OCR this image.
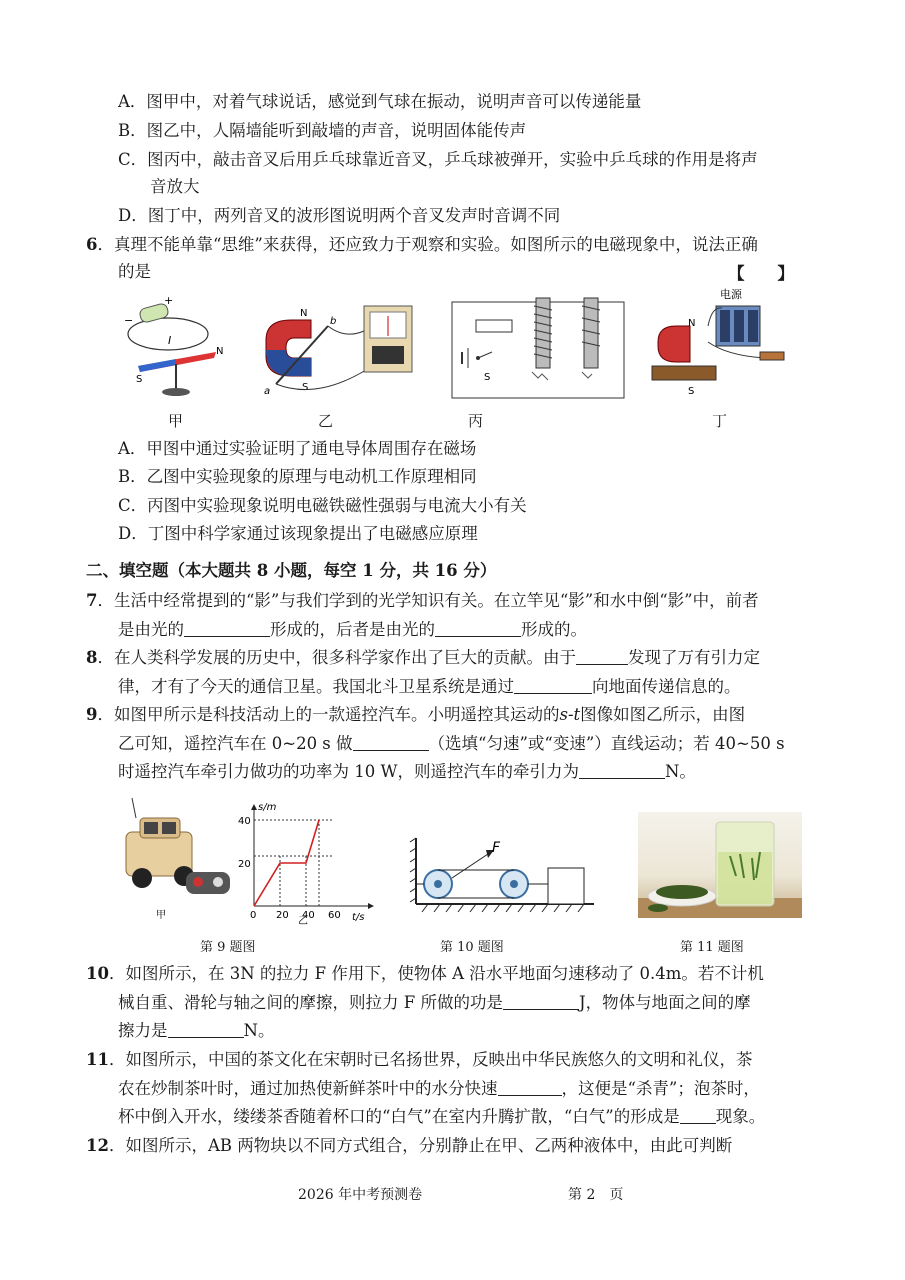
A．图甲中，对着气球说话，感觉到气球在振动，说明声音可以传递能量
B．图乙中，人隔墙能听到敲墙的声音，说明固体能传声
C．图丙中，敲击音叉后用乒乓球靠近音叉，乒乓球被弹开，实验中乒乓球的作用是将声
音放大
D．图丁中，两列音叉的波形图说明两个音叉发声时音调不同
6．真理不能单靠“思维”来获得，还应致力于观察和实验。如图所示的电磁现象中，说法正确
的是	【　　】
+
−
I
N
S
甲
N
S
a
b
乙
S
丙
电源
N
S
丁
A．甲图中通过实验证明了通电导体周围存在磁场
B．乙图中实验现象的原理与电动机工作原理相同
C．丙图中实验现象说明电磁铁磁性强弱与电流大小有关
D．丁图中科学家通过该现象提出了电磁感应原理
二、填空题（本大题共 8 小题，每空 1 分，共 16 分）
7．生活中经常提到的“影”与我们学到的光学知识有关。在立竿见“影”和水中倒“影”中，前者
是由光的	形成的，后者是由光的	形成的。
8．在人类科学发展的历史中，很多科学家作出了巨大的贡献。由于	发现了万有引力定
律，才有了今天的通信卫星。我国北斗卫星系统是通过	向地面传递信息的。
9．如图甲所示是科技活动上的一款遥控汽车。小明遥控其运动的s-t图像如图乙所示，由图
乙可知，遥控汽车在 0~20 s 做	（选填“匀速”或“变速”）直线运动；若 40~50 s
时遥控汽车牵引力做功的功率为 10 W，则遥控汽车的牵引力为	N。
甲	0 20 40 60
20
40
t/s
s/m
乙
F
第 9 题图	第 10 题图	第 11 题图
10．如图所示，在 3N 的拉力 F 作用下，使物体 A 沿水平地面匀速移动了 0.4m。若不计机
械自重、滑轮与轴之间的摩擦，则拉力 F 所做的功是	J，物体与地面之间的摩
擦力是	N。
11．如图所示，中国的茶文化在宋朝时已名扬世界，反映出中华民族悠久的文明和礼仪，茶
农在炒制茶叶时，通过加热使新鲜茶叶中的水分快速	，这便是“杀青”；泡茶时，
杯中倒入开水，缕缕茶香随着杯口的“白气”在室内升腾扩散，“白气”的形成是 现象。
12．如图所示，AB 两物块以不同方式组合，分别静止在甲、乙两种液体中，由此可判断
2026 年中考预测卷	第 2　页
